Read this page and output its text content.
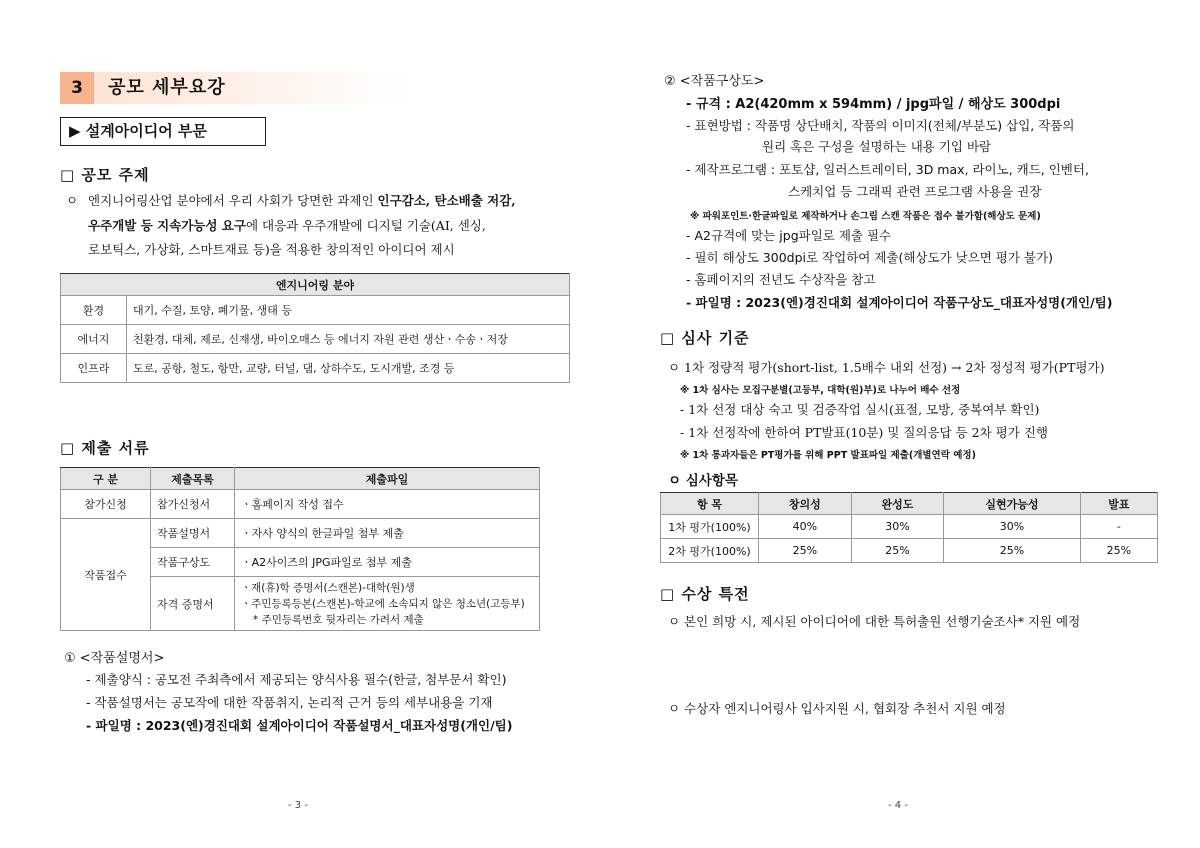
3	공모 세부요강
▶ 설계아이디어 부문
□ 공모 주제
ㅇ 엔지니어링산업 분야에서 우리 사회가 당면한 과제인 인구감소, 탄소배출 저감,
우주개발 등 지속가능성 요구에 대응과 우주개발에 디지털 기술(AI, 센싱,
로보틱스, 가상화, 스마트재료 등)을 적용한 창의적인 아이디어 제시
엔지니어링 분야	
환경	대기, 수질, 토양, 폐기물, 생태 등
에너지	친환경, 대체, 제로, 신재생, 바이오매스 등 에너지 자원 관련 생산ㆍ수송ㆍ저장
인프라	도로, 공항, 철도, 항만, 교량, 터널, 댐, 상하수도, 도시개발, 조경 등
□ 제출 서류
구 분	제출목록	제출파일
참가신청	참가신청서	ㆍ홈페이지 작성 접수
작품접수	작품설명서	ㆍ자사 양식의 한글파일 첨부 제출
	작품구상도	ㆍA2사이즈의 JPG파일로 첨부 제출
	자격 증명서	ㆍ재(휴)학 증명서(스캔본)-대학(원)생
ㆍ주민등록등본(스캔본)-학교에 소속되지 않은 청소년(고등부)
* 주민등록번호 뒷자리는 가려서 제출
① <작품설명서>
- 제출양식 : 공모전 주최측에서 제공되는 양식사용 필수(한글, 첨부문서 확인)
- 작품설명서는 공모작에 대한 작품취지, 논리적 근거 등의 세부내용을 기재
- 파일명 : 2023(엔)경진대회 설계아이디어 작품설명서_대표자성명(개인/팀)
- 3 -
② <작품구상도>
- 규격 : A2(420mm x 594mm) / jpg파일 / 해상도 300dpi
- 표현방법 : 작품명 상단배치, 작품의 이미지(전체/부분도) 삽입, 작품의
원리 혹은 구성을 설명하는 내용 기입 바람
- 제작프로그램 : 포토샵, 일러스트레이터, 3D max, 라이노, 캐드, 인벤터,
스케치업 등 그래픽 관련 프로그램 사용을 권장
※ 파워포인트·한글파일로 제작하거나 손그림 스캔 작품은 접수 불가함(해상도 문제)
- A2규격에 맞는 jpg파일로 제출 필수
- 필히 해상도 300dpi로 작업하여 제출(해상도가 낮으면 평가 불가)
- 홈페이지의 전년도 수상작을 참고
- 파일명 : 2023(엔)경진대회 설계아이디어 작품구상도_대표자성명(개인/팀)
□ 심사 기준
ㅇ 1차 정량적 평가(short-list, 1.5배수 내외 선정) → 2차 정성적 평가(PT평가)
※ 1차 심사는 모집구분별(고등부, 대학(원)부)로 나누어 배수 선정
- 1차 선정 대상 숙고 및 검증작업 실시(표절, 모방, 중복여부 확인)
- 1차 선정작에 한하여 PT발표(10분) 및 질의응답 등 2차 평가 진행
※ 1차 통과자들은 PT평가를 위해 PPT 발표파일 제출(개별연락 예정)
ㅇ 심사항목
항 목	창의성	완성도	실현가능성	발표
1차 평가(100%)	40%	30%	30%	-
2차 평가(100%)	25%	25%	25%	25%
□ 수상 특전
ㅇ 본인 희망 시, 제시된 아이디어에 대한 특허출원 선행기술조사* 지원 예정
ㅇ 수상자 엔지니어링사 입사지원 시, 협회장 추천서 지원 예정
- 4 -
